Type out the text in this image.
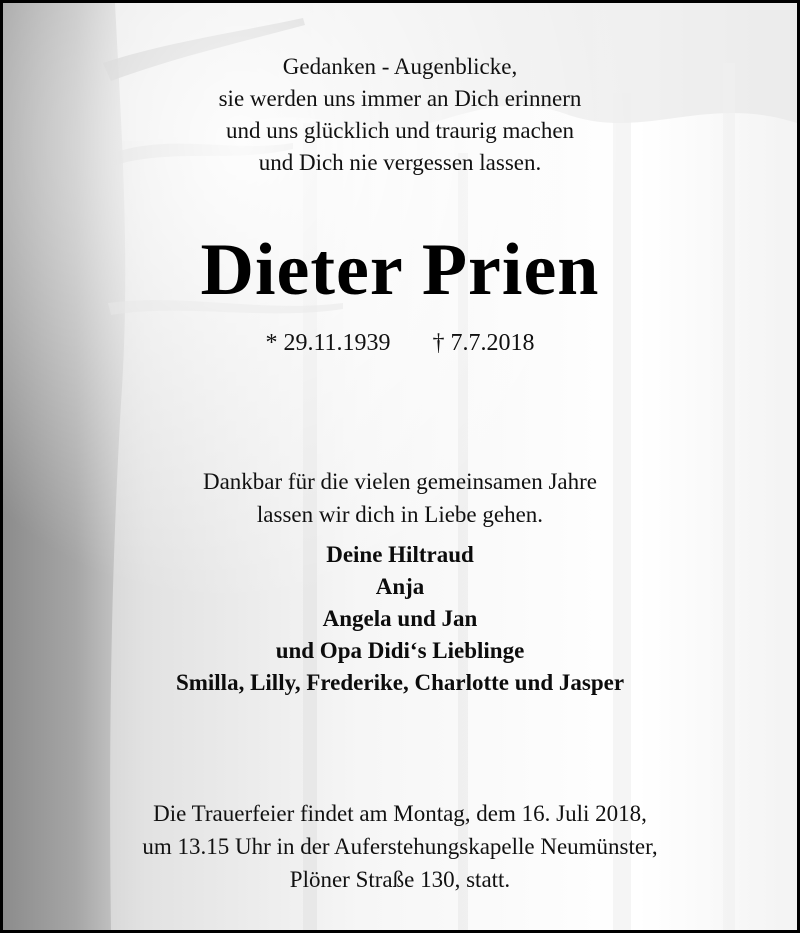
Gedanken - Augenblicke,
sie werden uns immer an Dich erinnern
und uns glücklich und traurig machen
und Dich nie vergessen lassen.
Dieter Prien
* 29.11.1939 † 7.7.2018
Dankbar für die vielen gemeinsamen Jahre
lassen wir dich in Liebe gehen.
Deine Hiltraud
Anja
Angela und Jan
und Opa Didi‘s Lieblinge
Smilla, Lilly, Frederike, Charlotte und Jasper
Die Trauerfeier findet am Montag, dem 16. Juli 2018,
um 13.15 Uhr in der Auferstehungskapelle Neumünster,
Plöner Straße 130, statt.
